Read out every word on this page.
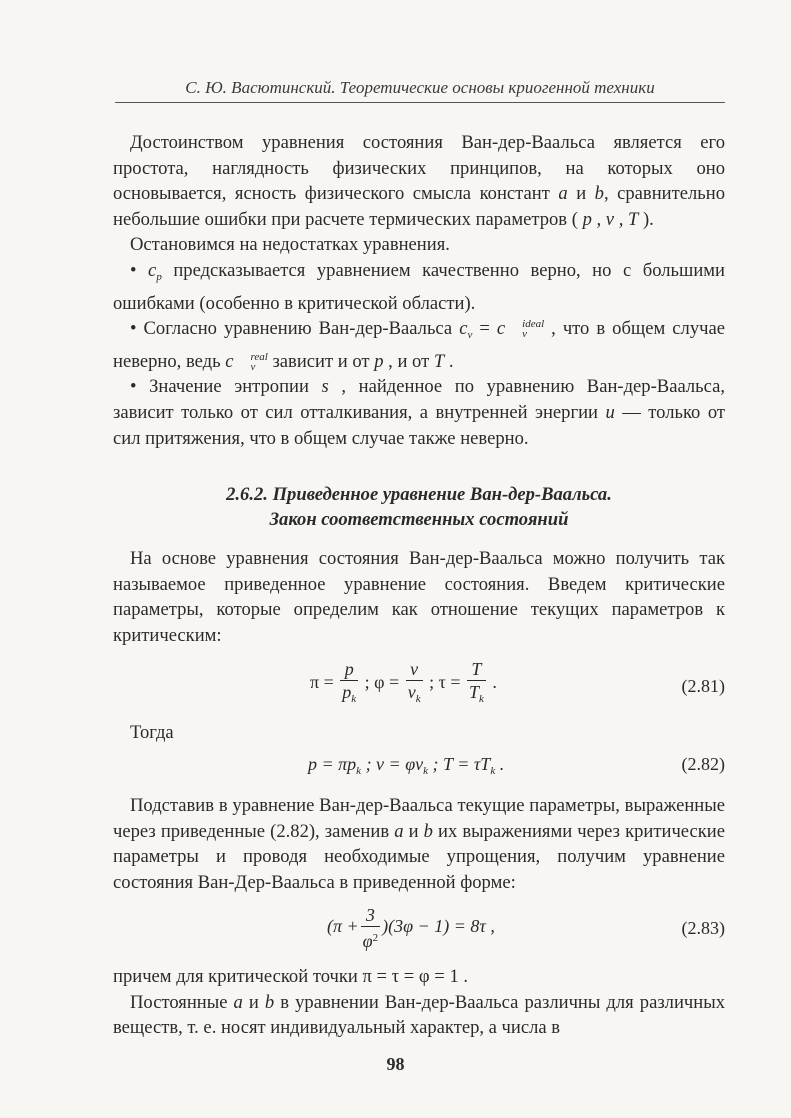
С. Ю. Васютинский. Теоретические основы криогенной техники

Достоинством уравнения состояния Ван-дер-Ваальса является его простота, наглядность физических принципов, на которых оно основывается, ясность физического смысла констант a и b, сравнительно небольшие ошибки при расчете термических параметров ( p , v , T ).

Остановимся на недостатках уравнения.

• $c_p$ предсказывается уравнением качественно верно, но с большими ошибками (особенно в критической области).

• Согласно уравнению Ван-дер-Ваальса $c_v = c$	ideal
v , что в общем случае неверно, ведь c	real
v зависит и от p , и от T .

• Значение энтропии s , найденное по уравнению Ван-дер-Ваальса, зависит только от сил отталкивания, а внутренней энергии u — только от сил притяжения, что в общем случае также неверно.

2.6.2. Приведенное уравнение Ван-дер-Ваальса.
Закон соответственных состояний

На основе уравнения состояния Ван-дер-Ваальса можно получить так называемое приведенное уравнение состояния. Введем критические параметры, которые определим как отношение текущих параметров к критическим:

$\pi = \frac{p}{p_k}$ ; $\varphi = \frac{v}{v_k}$ ; $\tau = \frac{T}{T_k}$ .	(2.81)

Тогда

$p = \pi p_k$ ; $v = \varphi v_k$ ; $T = \tau T_k$ .	(2.82)

Подставив в уравнение Ван-дер-Ваальса текущие параметры, выраженные через приведенные (2.82), заменив a и b их выражениями через критические параметры и проводя необходимые упрощения, получим уравнение состояния Ван-Дер-Ваальса в приведенной форме:

$(\pi + \frac{3}{\varphi^2} )(3\varphi - 1) = 8\tau$ ,	(2.83)

причем для критической точки π = τ = φ = 1 .

Постоянные a и b в уравнении Ван-дер-Ваальса различны для различных веществ, т. е. носят индивидуальный характер, а числа в

98
